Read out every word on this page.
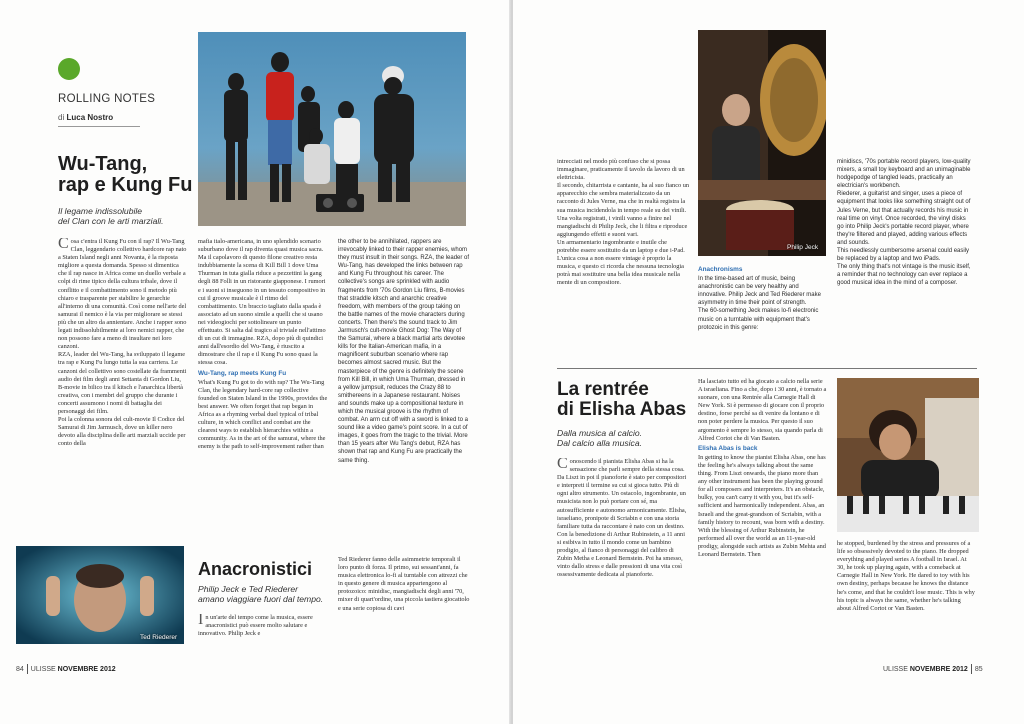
ROLLING NOTES
di Luca Nostro
Wu-Tang,
rap e Kung Fu
Il legame indissolubile
del Clan con le arti marziali.

Cosa c'entra il Kung Fu con il rap? Il Wu-Tang Clan, leggendario collettivo hardcore rap nato a Staten Island negli anni Novanta, è la risposta migliore a questa domanda. Spesso si dimentica che il rap nasce in Africa come un duello verbale a colpi di rime tipico della cultura tribale, dove il conflitto e il combattimento sono il metodo più chiaro e trasparente per stabilire le gerarchie all'interno di una comunità. Così come nell'arte del samurai il nemico è la via per migliorare se stessi più che un altro da annientare. Anche i rapper sono legati indissolubilmente ai loro nemici rapper, che non possono fare a meno di insultare nei loro canzoni.

RZA, leader del Wu-Tang, ha sviluppato il legame tra rap e Kung Fu lungo tutta la sua carriera. Le canzoni del collettivo sono costellate da frammenti audio dei film degli anni Settanta di Gordon Liu, B-movie in bilico tra il kitsch e l'anarchica libertà creativa, con i membri del gruppo che durante i concerti assumono i nomi di battaglia dei personaggi dei film.

Poi la colonna sonora del cult-movie Il Codice del Samurai di Jim Jarmusch, dove un killer nero devoto alla disciplina delle arti marziali uccide per conto della

mafia italo-americana, in uno splendido scenario suburbano dove il rap diventa quasi musica sacra. Ma il capolavoro di questo filone creativo resta indubbiamente la scena di Kill Bill 1 dove Uma Thurman in tuta gialla riduce a pezzettini la gang degli 88 Folli in un ristorante giapponese. I rumori e i suoni si inseguono in un tessuto compositivo in cui il groove musicale è il ritmo del combattimento. Un braccio tagliato dalla spada è associato ad un suono simile a quelli che si usano nei videogiochi per sottolineare un punto effettuato. Si salta dal tragico al triviale nell'attimo di un cut di immagine. RZA, dopo più di quindici anni dall'esordio del Wu-Tang, è riuscito a dimostrare che il rap e il Kung Fu sono quasi la stessa cosa.

Wu-Tang, rap meets Kung Fu

What's Kung Fu got to do with rap? The Wu-Tang Clan, the legendary hard-core rap collective founded on Staten Island in the 1990s, provides the best answer. We often forget that rap began in Africa as a rhyming verbal duel typical of tribal culture, in which conflict and combat are the clearest ways to establish hierarchies within a community. As in the art of the samurai, where the enemy is the path to self-improvement rather than

the other to be annihilated, rappers are irrevocably linked to their rapper enemies, whom they must insult in their songs. RZA, the leader of Wu-Tang, has developed the links between rap and Kung Fu throughout his career. The collective's songs are sprinkled with audio fragments from '70s Gordon Liu films, B-movies that straddle kitsch and anarchic creative freedom, with members of the group taking on the battle names of the movie characters during concerts. Then there's the sound track to Jim Jarmusch's cult-movie Ghost Dog: The Way of the Samurai, where a black martial arts devotee kills for the Italian-American mafia, in a magnificent suburban scenario where rap becomes almost sacred music. But the masterpiece of the genre is definitely the scene from Kill Bill, in which Uma Thurman, dressed in a yellow jumpsuit, reduces the Crazy 88 to smithereens in a Japanese restaurant. Noises and sounds make up a compositional texture in which the musical groove is the rhythm of combat. An arm cut off with a sword is linked to a sound like a video game's point score. In a cut of images, it goes from the tragic to the trivial. More than 15 years after Wu Tang's debut, RZA has shown that rap and Kung Fu are practically the same thing.

Ted Riederer
Anacronistici
Philip Jeck e Ted Riederer
amano viaggiare fuori dal tempo.

In un'arte del tempo come la musica, essere anacronistici può essere molto salutare e innovativo. Philip Jeck e

Ted Riederer fanno delle asimmetrie temporali il loro punto di forza. Il primo, sui sessant'anni, fa musica elettronica lo-fi al turntable con attrezzi che in questo genere di musica appartengono al protozoico: minidisc, mangiadischi degli anni '70, mixer di quart'ordine, una piccola tastiera giocattolo e una serie copiosa di cavi

84 ULISSE NOVEMBRE 2012

intrecciati nel modo più confuso che si possa immaginare, praticamente il tavolo da lavoro di un elettricista.

Il secondo, chitarrista e cantante, ha al suo fianco un apparecchio che sembra materializzato da un racconto di Jules Verne, ma che in realtà registra la sua musica incidendola in tempo reale su dei vinili. Una volta registrati, i vinili vanno a finire nel mangiadischi di Philip Jeck, che li filtra e riproduce aggiungendo effetti e suoni vari.

Un armamentario ingombrante e inutile che potrebbe essere sostituito da un laptop e due i-Pad. L'unica cosa a non essere vintage è proprio la musica, e questo ci ricorda che nessuna tecnologia potrà mai sostituire una bella idea musicale nella mente di un compositore.

Philip Jeck
Anachronisms

In the time-based art of music, being anachronistic can be very healthy and innovative. Philip Jeck and Ted Riederer make asymmetry in time their point of strength.

The 60-something Jeck makes lo-fi electronic music on a turntable with equipment that's protozoic in this genre:

minidiscs, '70s portable record players, low-quality mixers, a small toy keyboard and an unimaginable hodgepodge of tangled leads, practically an electrician's workbench.

Riederer, a guitarist and singer, uses a piece of equipment that looks like something straight out of Jules Verne, but that actually records his music in real time on vinyl. Once recorded, the vinyl disks go into Philip Jeck's portable record player, where they're filtered and played, adding various effects and sounds.

This needlessly cumbersome arsenal could easily be replaced by a laptop and two iPads.

The only thing that's not vintage is the music itself, a reminder that no technology can ever replace a good musical idea in the mind of a composer.

La rentrée
di Elisha Abas
Dalla musica al calcio.
Dal calcio alla musica.

Conoscendo il pianista Elisha Abas si ha la sensazione che parli sempre della stessa cosa. Da Liszt in poi il pianoforte è stato per compositori e interpreti il termine su cui si gioca tutto. Più di ogni altro strumento. Un ostacolo, ingombrante, un musicista non lo può portare con sé, ma autosufficiente e autonomo armonicamente. Elisha, israeliano, pronipote di Scriabin e con una storia familiare tutta da raccontare è nato con un destino. Con la benedizione di Arthur Rubinstein, a 11 anni si esibiva in tutto il mondo come un bambino prodigio, al fianco di personaggi del calibro di Zubin Metha e Leonard Bernstein. Poi ha smesso, vinto dallo stress e dalle pressioni di una vita così ossessivamente dedicata al pianoforte.

Ha lasciato tutto ed ha giocato a calcio nella serie A israeliana. Fino a che, dopo i 30 anni, è tornato a suonare, con una Rentrée alla Carnegie Hall di New York. Si è permesso di giocare con il proprio destino, forse perché sa di venire da lontano e di non poter perdere la musica. Per questo il suo argomento è sempre lo stesso, sia quando parla di Alfred Cortot che di Van Basten.

Elisha Abas is back

In getting to know the pianist Elisha Abas, one has the feeling he's always talking about the same thing. From Liszt onwards, the piano more than any other instrument has been the playing ground for all composers and interpreters. It's an obstacle, bulky, you can't carry it with you, but it's self-sufficient and harmonically independent. Abas, an Israeli and the great-grandson of Scriabin, with a family history to recount, was born with a destiny. With the blessing of Arthur Rubinstein, he performed all over the world as an 11-year-old prodigy, alongside such artists as Zubin Mehta and Leonard Bernstein. Then

he stopped, burdened by the stress and pressures of a life so obsessively devoted to the piano. He dropped everything and played series A football in Israel. At 30, he took up playing again, with a comeback at Carnegie Hall in New York. He dared to toy with his own destiny, perhaps because he knows the distance he's come, and that he couldn't lose music. This is why his topic is always the same, whether he's talking about Alfred Cortot or Van Basten.

ULISSE NOVEMBRE 2012 85
